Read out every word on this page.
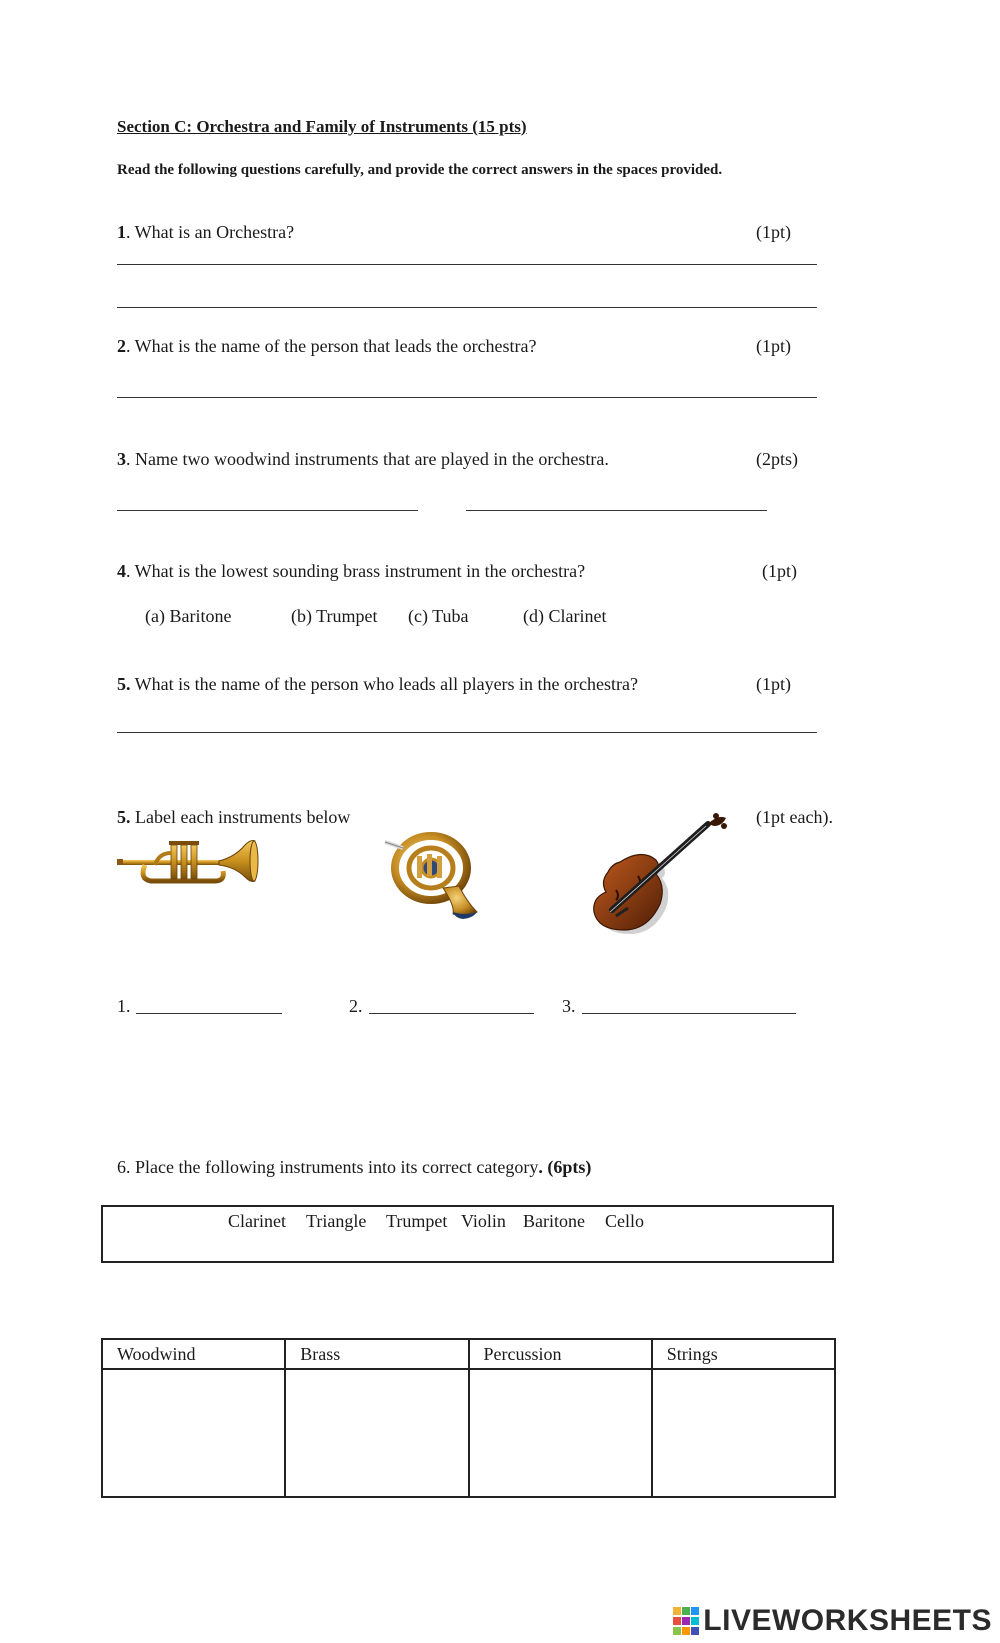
Section C: Orchestra and Family of Instruments (15 pts)
Read the following questions carefully, and provide the correct answers in the spaces provided.
1. What is an Orchestra?	(1pt)
2. What is the name of the person that leads the orchestra?	(1pt)
3. Name two woodwind instruments that are played in the orchestra.	(2pts)
4. What is the lowest sounding brass instrument in the orchestra?	(1pt)
(a) Baritone	(b) Trumpet (c) Tuba	(d) Clarinet
5. What is the name of the person who leads all players in the orchestra?	(1pt)
5. Label each instruments below	(1pt each).
1.	2.	3.
6. Place the following instruments into its correct category. (6pts)
Clarinet Triangle Trumpet Violin Baritone Cello
Woodwind	Brass	Percussion	Strings

LIVEWORKSHEETS
